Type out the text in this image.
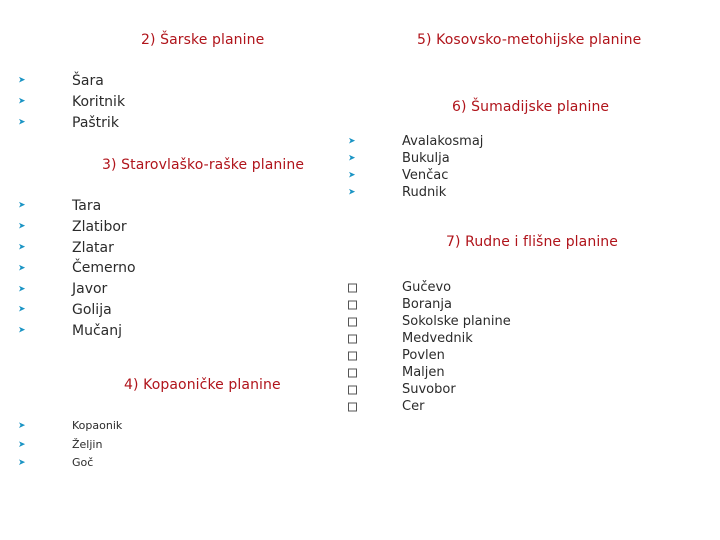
2) Šarske planine
3) Starovlaško-raške planine
4) Kopaoničke planine
5) Kosovsko-metohijske planine
6) Šumadijske planine
7) Rudne i flišne planine
➤	Šara
➤	Koritnik
➤	Paštrik
➤	Tara
➤	Zlatibor
➤	Zlatar
➤	Čemerno
➤	Javor
➤	Golija
➤	Mučanj
➤	Kopaonik
➤	Željin
➤	Goč
➤	Avalakosmaj
➤	Bukulja
➤	Venčac
➤	Rudnik
Gučevo
Boranja
Sokolske planine
Medvednik
Povlen
Maljen
Suvobor
Cer
